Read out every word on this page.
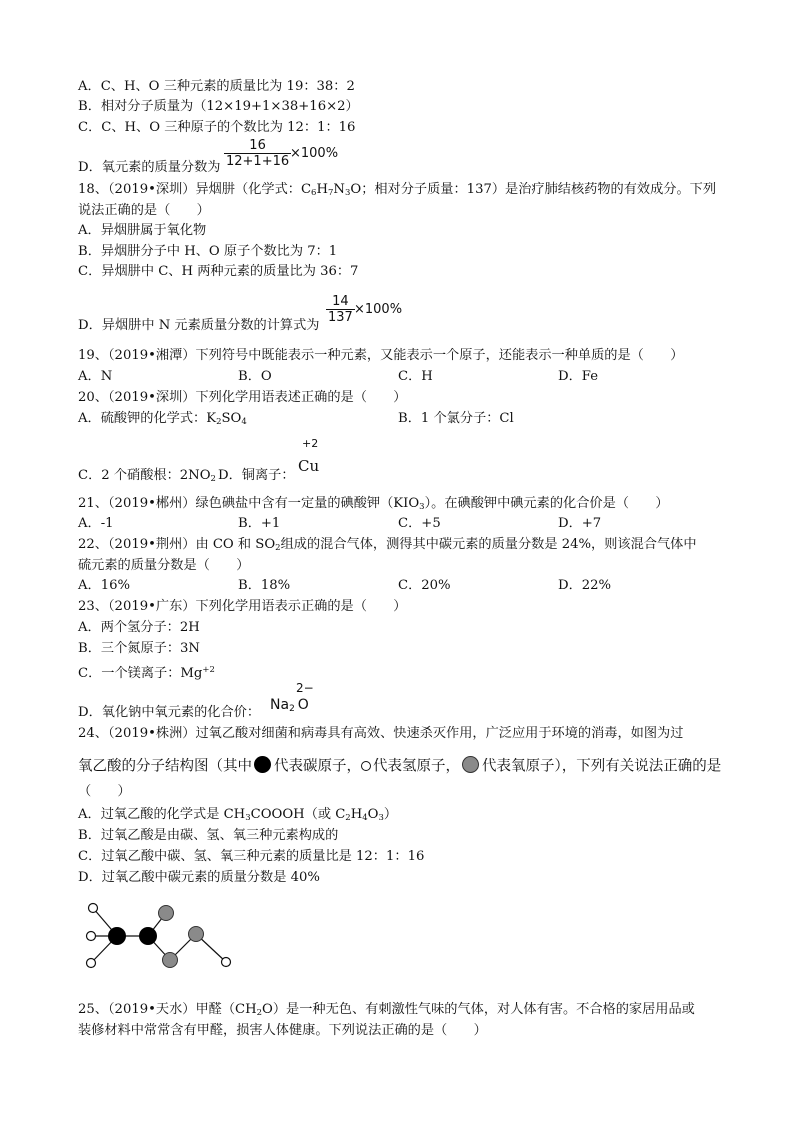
A．C、H、O 三种元素的质量比为 19：38：2
B．相对分子质量为（12×19+1×38+16×2）
C．C、H、O 三种原子的个数比为 12：1：16
D．氧元素的质量分数为
16
12+1+16
×100%
18、（2019•深圳）异烟肼（化学式：$C_6H_7N_3O$；相对分子质量：137）是治疗肺结核药物的有效成分。下列
说法正确的是（　　）
A．异烟肼属于氧化物
B．异烟肼分子中 H、O 原子个数比为 7：1
C．异烟肼中 C、H 两种元素的质量比为 36：7
D．异烟肼中 N 元素质量分数的计算式为
14
137
×100%
19、（2019•湘潭）下列符号中既能表示一种元素，又能表示一个原子，还能表示一种单质的是（　　）
A．N	B．O	C．H	D．Fe
20、（2019•深圳）下列化学用语表述正确的是（　　）
A．硫酸钾的化学式：$K_2SO_4$	B．1 个氯分子：Cl
C．2 个硝酸根：$2NO_2$ D．铜离子：
+2
Cu
21、（2019•郴州）绿色碘盐中含有一定量的碘酸钾$(KIO_3)$。在碘酸钾中碘元素的化合价是（　　）
A．-1	B．+1	C．+5	D．+7
22、（2019•荆州）由 CO 和 $SO_2$组成的混合气体，测得其中碳元素的质量分数是 24%，则该混合气体中
硫元素的质量分数是（　　）
A．16%	B．18%	C．20%	D．22%
23、（2019•广东）下列化学用语表示正确的是（　　）
A．两个氢分子：2H
B．三个氮原子：3N
C．一个镁离子：$Mg^{+2}$
D．氧化钠中氧元素的化合价：
2−
Na2 O
24、（2019•株洲）过氧乙酸对细菌和病毒具有高效、快速杀灭作用，广泛应用于环境的消毒，如图为过
氧乙酸的分子结构图（其中 代表碳原子， 代表氢原子， 代表氧原子），下列有关说法正确的是
（　　）
A．过氧乙酸的化学式是 $CH_3COOOH$（或 $C_2H_4O_3$）
B．过氧乙酸是由碳、氢、氧三种元素构成的
C．过氧乙酸中碳、氢、氧三种元素的质量比是 12：1：16
D．过氧乙酸中碳元素的质量分数是 40%
25、（2019•天水）甲醛$(CH_2O)$是一种无色、有刺激性气味的气体，对人体有害。不合格的家居用品或
装修材料中常常含有甲醛，损害人体健康。下列说法正确的是（　　）
